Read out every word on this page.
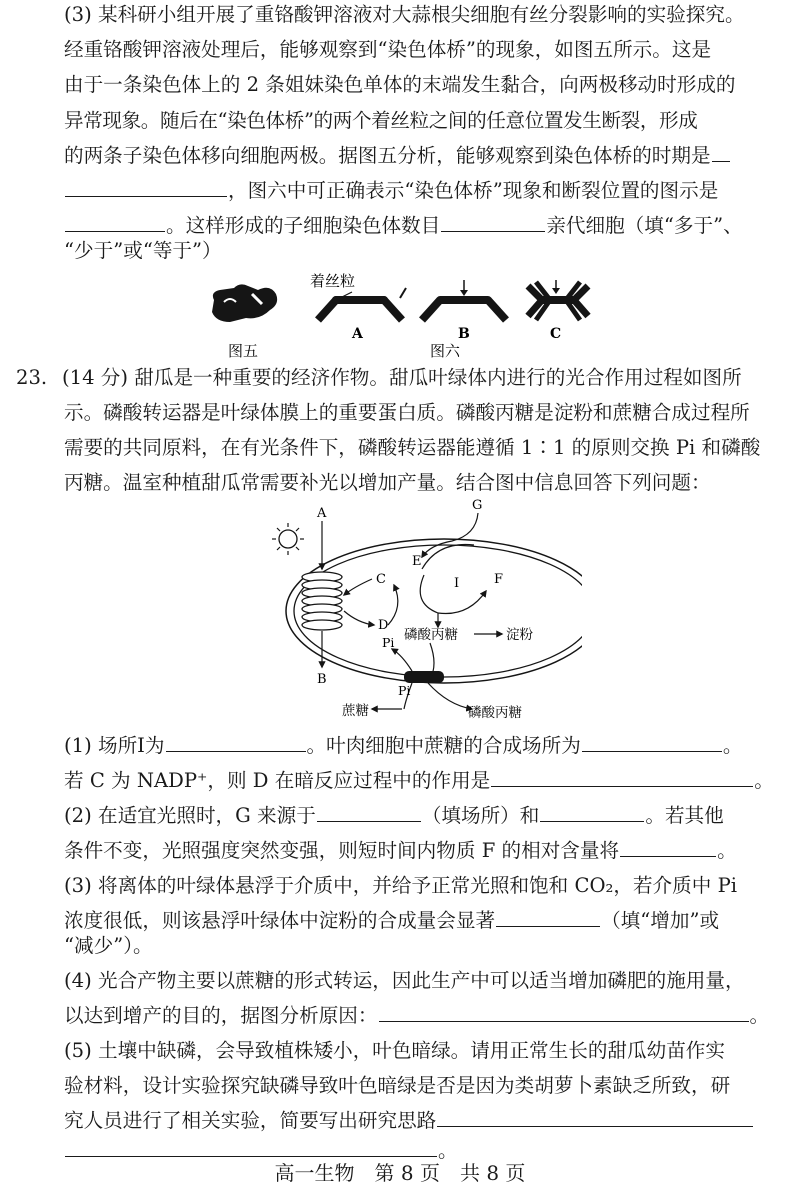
(3) 某科研小组开展了重铬酸钾溶液对大蒜根尖细胞有丝分裂影响的实验探究。
经重铬酸钾溶液处理后，能够观察到“染色体桥”的现象，如图五所示。这是
由于一条染色体上的 2 条姐妹染色单体的末端发生黏合，向两极移动时形成的
异常现象。随后在“染色体桥”的两个着丝粒之间的任意位置发生断裂，形成
的两条子染色体移向细胞两极。据图五分析，能够观察到染色体桥的时期是
，图六中可正确表示“染色体桥”现象和断裂位置的图示是
。这样形成的子细胞染色体数目	亲代细胞（填“多于”、
“少于”或“等于”）
着丝粒
A	B	C
图五	图六
23. (14 分) 甜瓜是一种重要的经济作物。甜瓜叶绿体内进行的光合作用过程如图所
示。磷酸转运器是叶绿体膜上的重要蛋白质。磷酸丙糖是淀粉和蔗糖合成过程所
需要的共同原料，在有光条件下，磷酸转运器能遵循 1∶1 的原则交换 Pi 和磷酸
丙糖。温室种植甜瓜常需要补光以增加产量。结合图中信息回答下列问题：
A
B
C
D
E
F
I
G
磷酸丙糖	淀粉
磷酸丙糖
Pi
蔗糖
Pi
(1) 场所Ⅰ为	。叶肉细胞中蔗糖的合成场所为	。
若 C 为 NADP⁺，则 D 在暗反应过程中的作用是	。
(2) 在适宜光照时，G 来源于	（填场所）和	。若其他
条件不变，光照强度突然变强，则短时间内物质 F 的相对含量将	。
(3) 将离体的叶绿体悬浮于介质中，并给予正常光照和饱和 CO₂，若介质中 Pi
浓度很低，则该悬浮叶绿体中淀粉的合成量会显著	（填“增加”或
“减少”）。
(4) 光合产物主要以蔗糖的形式转运，因此生产中可以适当增加磷肥的施用量，
以达到增产的目的，据图分析原因：	。
(5) 土壤中缺磷，会导致植株矮小，叶色暗绿。请用正常生长的甜瓜幼苗作实
验材料，设计实验探究缺磷导致叶色暗绿是否是因为类胡萝卜素缺乏所致，研
究人员进行了相关实验，简要写出研究思路
。
高一生物　第 8 页　共 8 页
